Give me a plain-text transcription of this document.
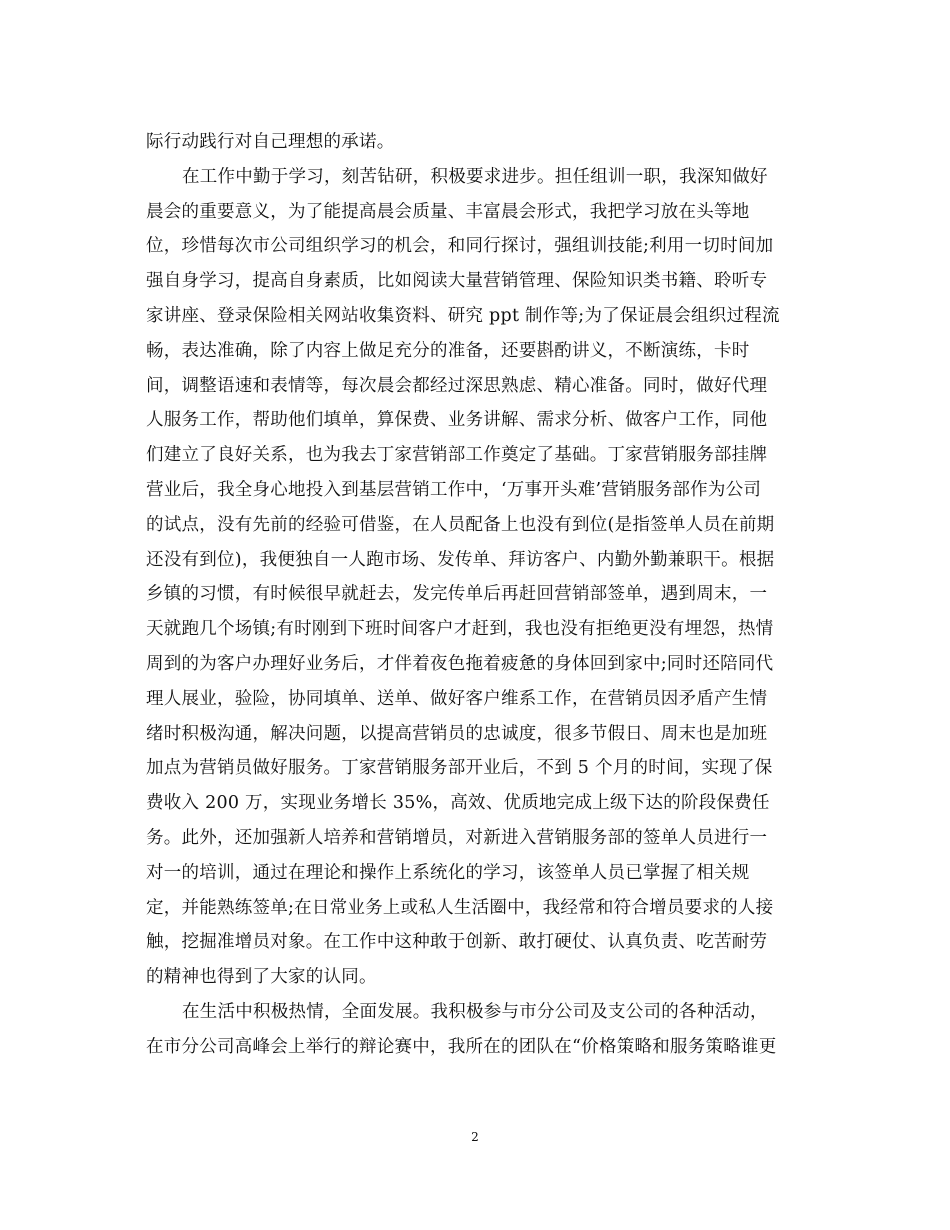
际行动践行对自己理想的承诺。
在工作中勤于学习，刻苦钻研，积极要求进步。担任组训一职，我深知做好
晨会的重要意义，为了能提高晨会质量、丰富晨会形式，我把学习放在头等地
位，珍惜每次市公司组织学习的机会，和同行探讨，强组训技能;利用一切时间加
强自身学习，提高自身素质，比如阅读大量营销管理、保险知识类书籍、聆听专
家讲座、登录保险相关网站收集资料、研究 ppt 制作等;为了保证晨会组织过程流
畅，表达准确，除了内容上做足充分的准备，还要斟酌讲义，不断演练，卡时
间，调整语速和表情等，每次晨会都经过深思熟虑、精心准备。同时，做好代理
人服务工作，帮助他们填单，算保费、业务讲解、需求分析、做客户工作，同他
们建立了良好关系，也为我去丁家营销部工作奠定了基础。丁家营销服务部挂牌
营业后，我全身心地投入到基层营销工作中，‘万事开头难’营销服务部作为公司
的试点，没有先前的经验可借鉴，在人员配备上也没有到位(是指签单人员在前期
还没有到位)，我便独自一人跑市场、发传单、拜访客户、内勤外勤兼职干。根据
乡镇的习惯，有时候很早就赶去，发完传单后再赶回营销部签单，遇到周末，一
天就跑几个场镇;有时刚到下班时间客户才赶到，我也没有拒绝更没有埋怨，热情
周到的为客户办理好业务后，才伴着夜色拖着疲惫的身体回到家中;同时还陪同代
理人展业，验险，协同填单、送单、做好客户维系工作，在营销员因矛盾产生情
绪时积极沟通，解决问题，以提高营销员的忠诚度，很多节假日、周末也是加班
加点为营销员做好服务。丁家营销服务部开业后，不到 5 个月的时间，实现了保
费收入 200 万，实现业务增长 35%，高效、优质地完成上级下达的阶段保费任
务。此外，还加强新人培养和营销增员，对新进入营销服务部的签单人员进行一
对一的培训，通过在理论和操作上系统化的学习，该签单人员已掌握了相关规
定，并能熟练签单;在日常业务上或私人生活圈中，我经常和符合增员要求的人接
触，挖掘准增员对象。在工作中这种敢于创新、敢打硬仗、认真负责、吃苦耐劳
的精神也得到了大家的认同。
在生活中积极热情，全面发展。我积极参与市分公司及支公司的各种活动，
在市分公司高峰会上举行的辩论赛中，我所在的团队在“价格策略和服务策略谁更
2
